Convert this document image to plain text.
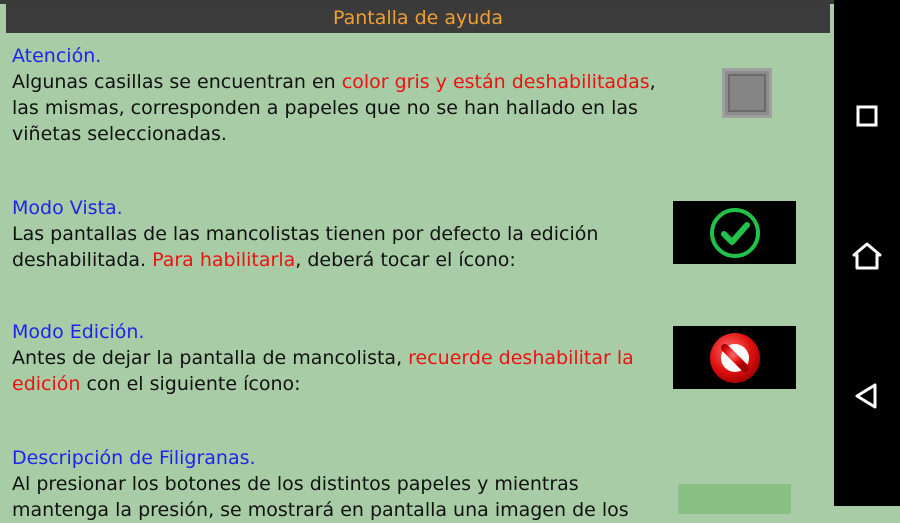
Pantalla de ayuda
Atención.
Algunas casillas se encuentran en color gris y están deshabilitadas,
las mismas, corresponden a papeles que no se han hallado en las
viñetas seleccionadas.
Modo Vista.
Las pantallas de las mancolistas tienen por defecto la edición
deshabilitada. Para habilitarla, deberá tocar el ícono:
Modo Edición.
Antes de dejar la pantalla de mancolista, recuerde deshabilitar la
edición con el siguiente ícono:
Descripción de Filigranas.
Al presionar los botones de los distintos papeles y mientras
mantenga la presión, se mostrará en pantalla una imagen de los
